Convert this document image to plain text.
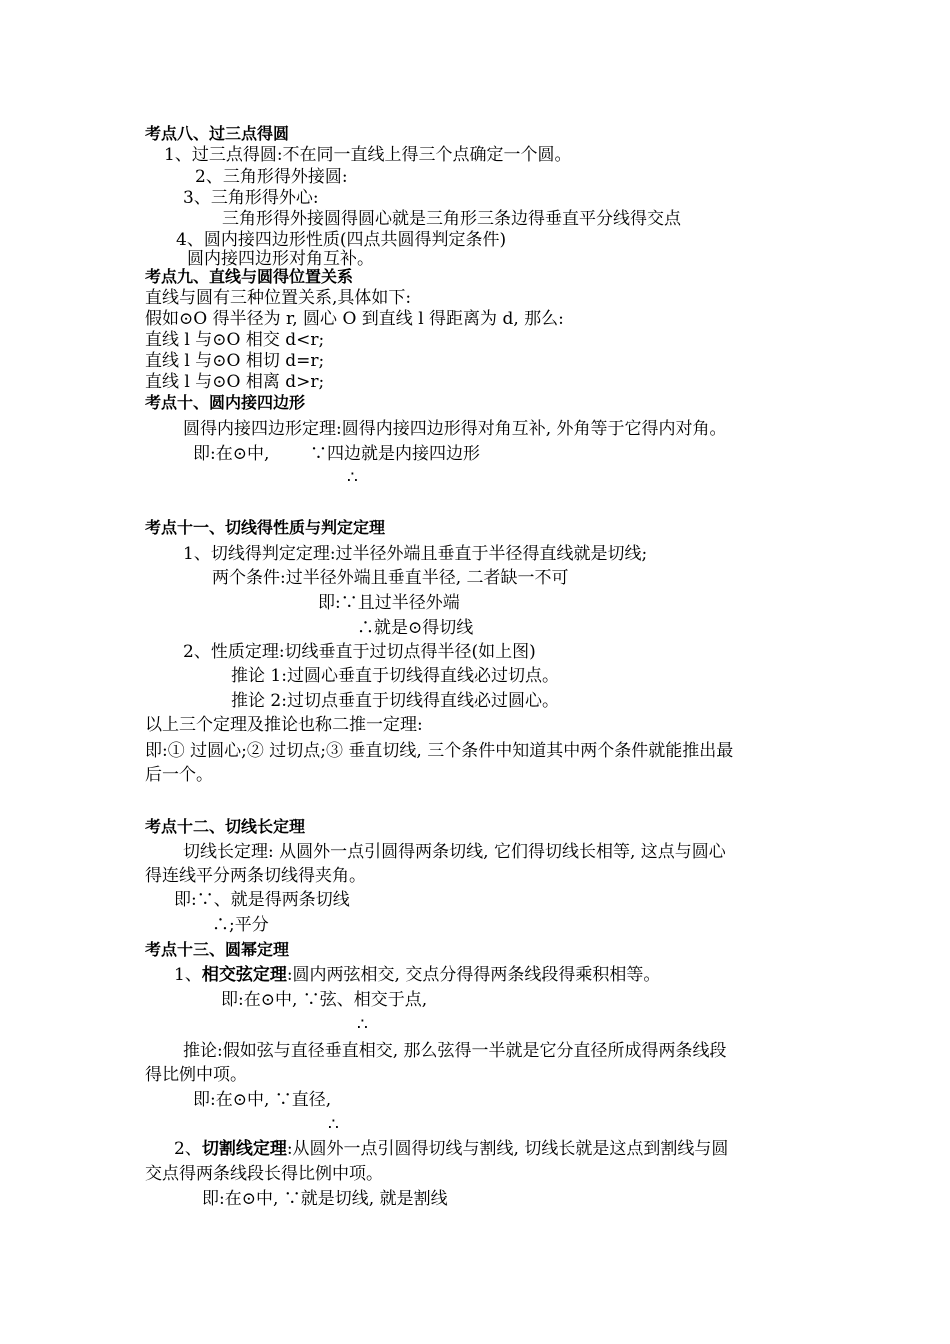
考点八、过三点得圆
1、过三点得圆:不在同一直线上得三个点确定一个圆。
2、三角形得外接圆:
3、三角形得外心:
三角形得外接圆得圆心就是三角形三条边得垂直平分线得交点
4、圆内接四边形性质(四点共圆得判定条件)
圆内接四边形对角互补。
考点九、直线与圆得位置关系
直线与圆有三种位置关系,具体如下:
假如⊙O 得半径为 r, 圆心 O 到直线 l 得距离为 d, 那么:
直线 l 与⊙O 相交 d<r;
直线 l 与⊙O 相切 d=r;
直线 l 与⊙O 相离 d>r;
考点十、圆内接四边形
圆得内接四边形定理:圆得内接四边形得对角互补, 外角等于它得内对角。
即:在⊙中, ∵四边就是内接四边形
∴
考点十一、切线得性质与判定定理
1、切线得判定定理:过半径外端且垂直于半径得直线就是切线;
两个条件:过半径外端且垂直半径, 二者缺一不可
即:∵且过半径外端
∴就是⊙得切线
2、性质定理:切线垂直于过切点得半径(如上图)
推论 1:过圆心垂直于切线得直线必过切点。
推论 2:过切点垂直于切线得直线必过圆心。
以上三个定理及推论也称二推一定理:
即:① 过圆心;② 过切点;③ 垂直切线, 三个条件中知道其中两个条件就能推出最
后一个。
考点十二、切线长定理
切线长定理: 从圆外一点引圆得两条切线, 它们得切线长相等, 这点与圆心
得连线平分两条切线得夹角。
即:∵、就是得两条切线
∴;平分
考点十三、圆幂定理
1、相交弦定理:圆内两弦相交, 交点分得得两条线段得乘积相等。
即:在⊙中, ∵弦、相交于点,
∴
推论:假如弦与直径垂直相交, 那么弦得一半就是它分直径所成得两条线段
得比例中项。
即:在⊙中, ∵直径,
∴
2、切割线定理:从圆外一点引圆得切线与割线, 切线长就是这点到割线与圆
交点得两条线段长得比例中项。
即:在⊙中, ∵就是切线, 就是割线
